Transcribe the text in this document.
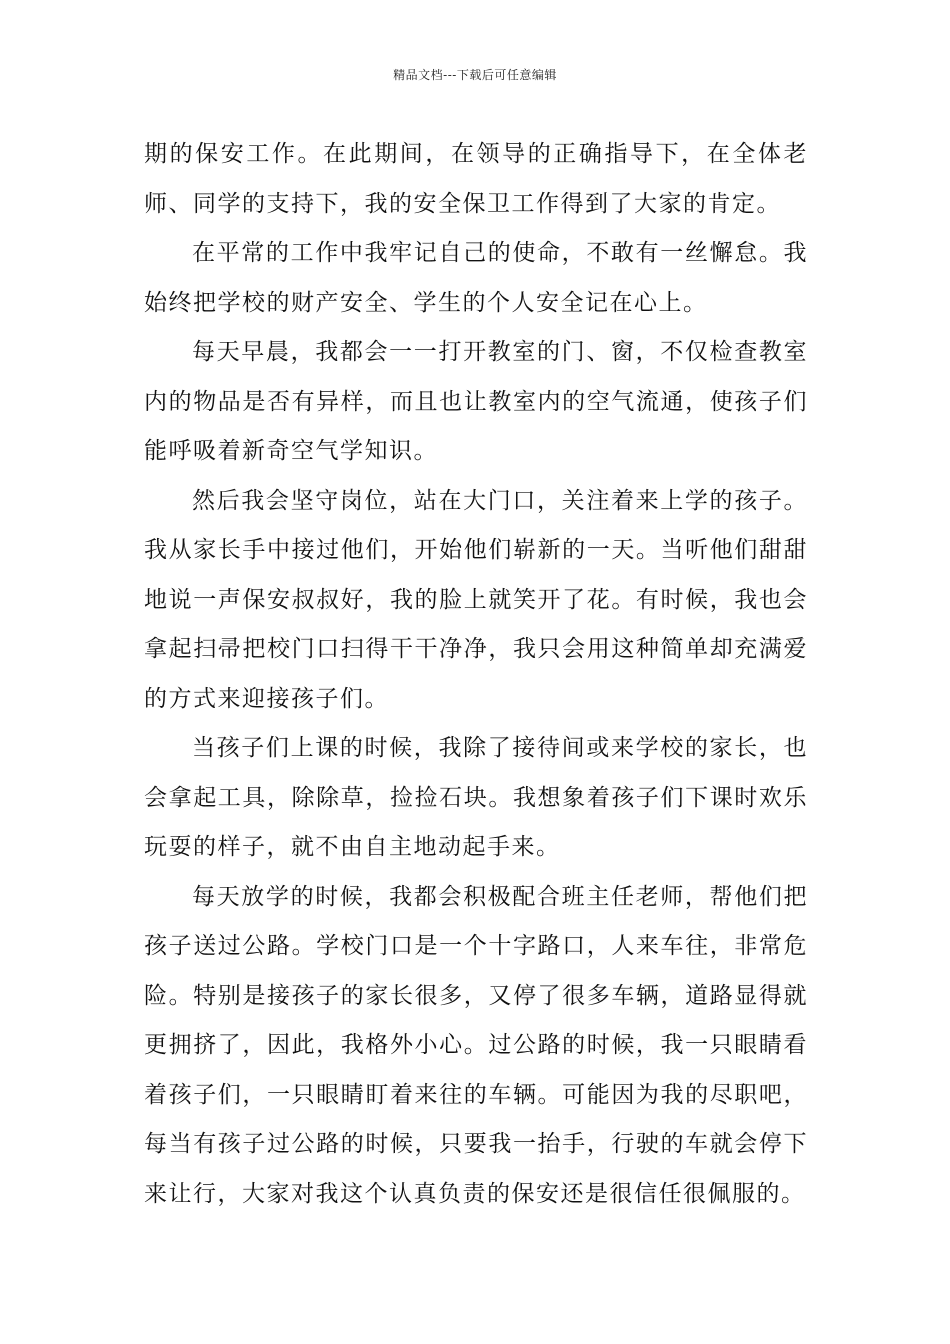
精品文档---下载后可任意编辑

期的保安工作。在此期间，在领导的正确指导下，在全体老师、同学的支持下，我的安全保卫工作得到了大家的肯定。

在平常的工作中我牢记自己的使命，不敢有一丝懈怠。我始终把学校的财产安全、学生的个人安全记在心上。

每天早晨，我都会一一打开教室的门、窗，不仅检查教室内的物品是否有异样，而且也让教室内的空气流通，使孩子们能呼吸着新奇空气学知识。

然后我会坚守岗位，站在大门口，关注着来上学的孩子。我从家长手中接过他们，开始他们崭新的一天。当听他们甜甜地说一声保安叔叔好，我的脸上就笑开了花。有时候，我也会拿起扫帚把校门口扫得干干净净，我只会用这种简单却充满爱的方式来迎接孩子们。

当孩子们上课的时候，我除了接待间或来学校的家长，也会拿起工具，除除草，捡捡石块。我想象着孩子们下课时欢乐玩耍的样子，就不由自主地动起手来。

每天放学的时候，我都会积极配合班主任老师，帮他们把孩子送过公路。学校门口是一个十字路口，人来车往，非常危险。特别是接孩子的家长很多，又停了很多车辆，道路显得就更拥挤了，因此，我格外小心。过公路的时候，我一只眼睛看着孩子们，一只眼睛盯着来往的车辆。可能因为我的尽职吧，每当有孩子过公路的时候，只要我一抬手，行驶的车就会停下来让行，大家对我这个认真负责的保安还是很信任很佩服的。
